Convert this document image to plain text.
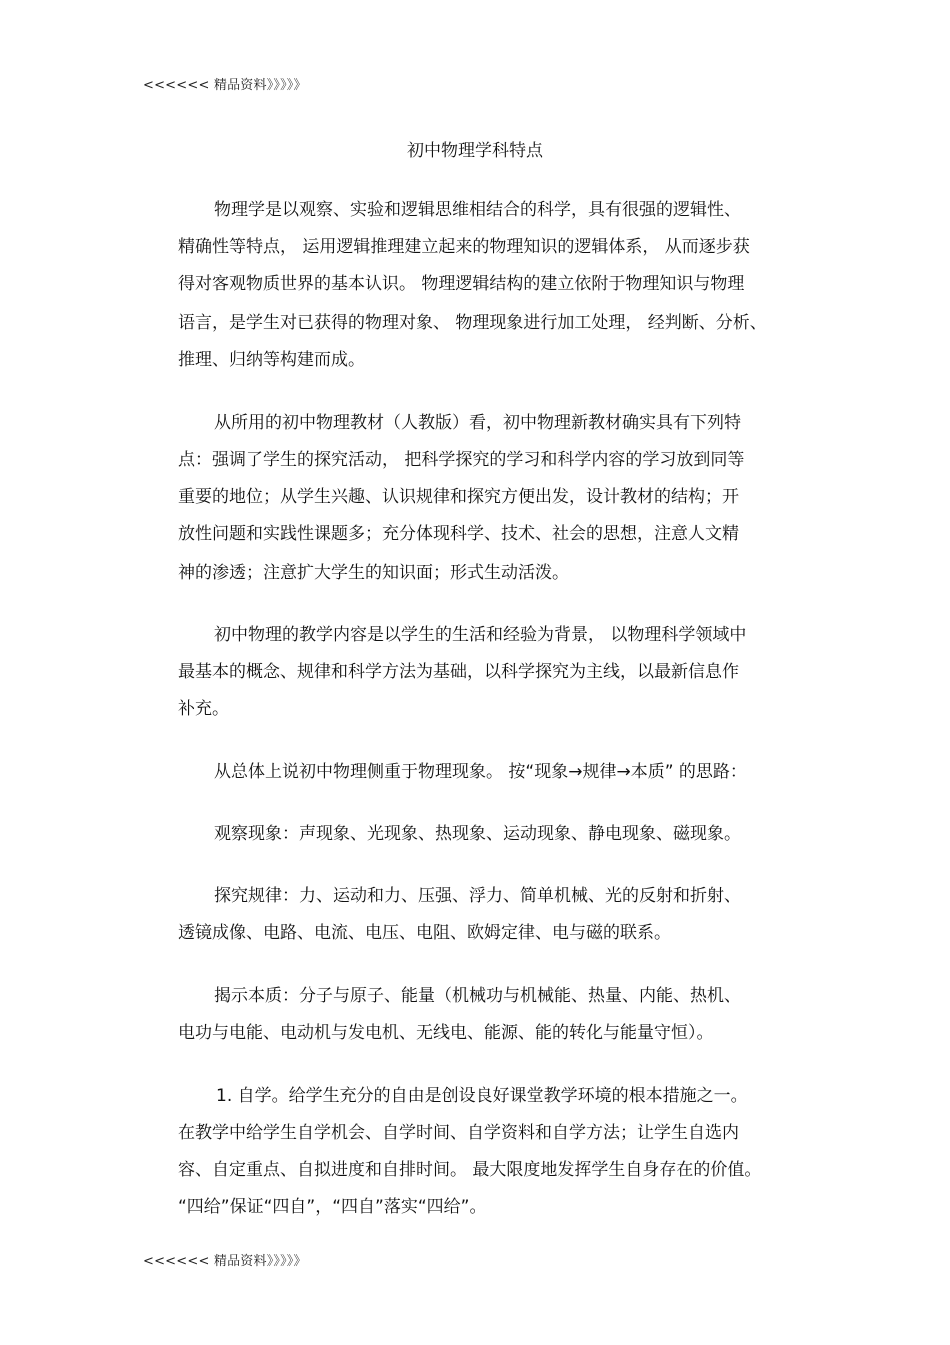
<<<<<< 精品资料》》》》》
初中物理学科特点
物理学是以观察、实验和逻辑思维相结合的科学，具有很强的逻辑性、
精确性等特点， 运用逻辑推理建立起来的物理知识的逻辑体系， 从而逐步获
得对客观物质世界的基本认识。 物理逻辑结构的建立依附于物理知识与物理
语言，是学生对已获得的物理对象、 物理现象进行加工处理， 经判断、分析、
推理、归纳等构建而成。
从所用的初中物理教材（人教版）看，初中物理新教材确实具有下列特
点：强调了学生的探究活动， 把科学探究的学习和科学内容的学习放到同等
重要的地位；从学生兴趣、认识规律和探究方便出发，设计教材的结构；开
放性问题和实践性课题多；充分体现科学、技术、社会的思想，注意人文精
神的渗透；注意扩大学生的知识面；形式生动活泼。
初中物理的教学内容是以学生的生活和经验为背景， 以物理科学领域中
最基本的概念、规律和科学方法为基础，以科学探究为主线，以最新信息作
补充。
从总体上说初中物理侧重于物理现象。 按“现象→规律→本质” 的思路：
观察现象：声现象、光现象、热现象、运动现象、静电现象、磁现象。
探究规律：力、运动和力、压强、浮力、简单机械、光的反射和折射、
透镜成像、电路、电流、电压、电阻、欧姆定律、电与磁的联系。
揭示本质：分子与原子、能量（机械功与机械能、热量、内能、热机、
电功与电能、电动机与发电机、无线电、能源、能的转化与能量守恒）。
1. 自学。给学生充分的自由是创设良好课堂教学环境的根本措施之一。
在教学中给学生自学机会、自学时间、自学资料和自学方法；让学生自选内
容、自定重点、自拟进度和自排时间。 最大限度地发挥学生自身存在的价值。
“四给”保证“四自”，“四自”落实“四给”。
<<<<<< 精品资料》》》》》
